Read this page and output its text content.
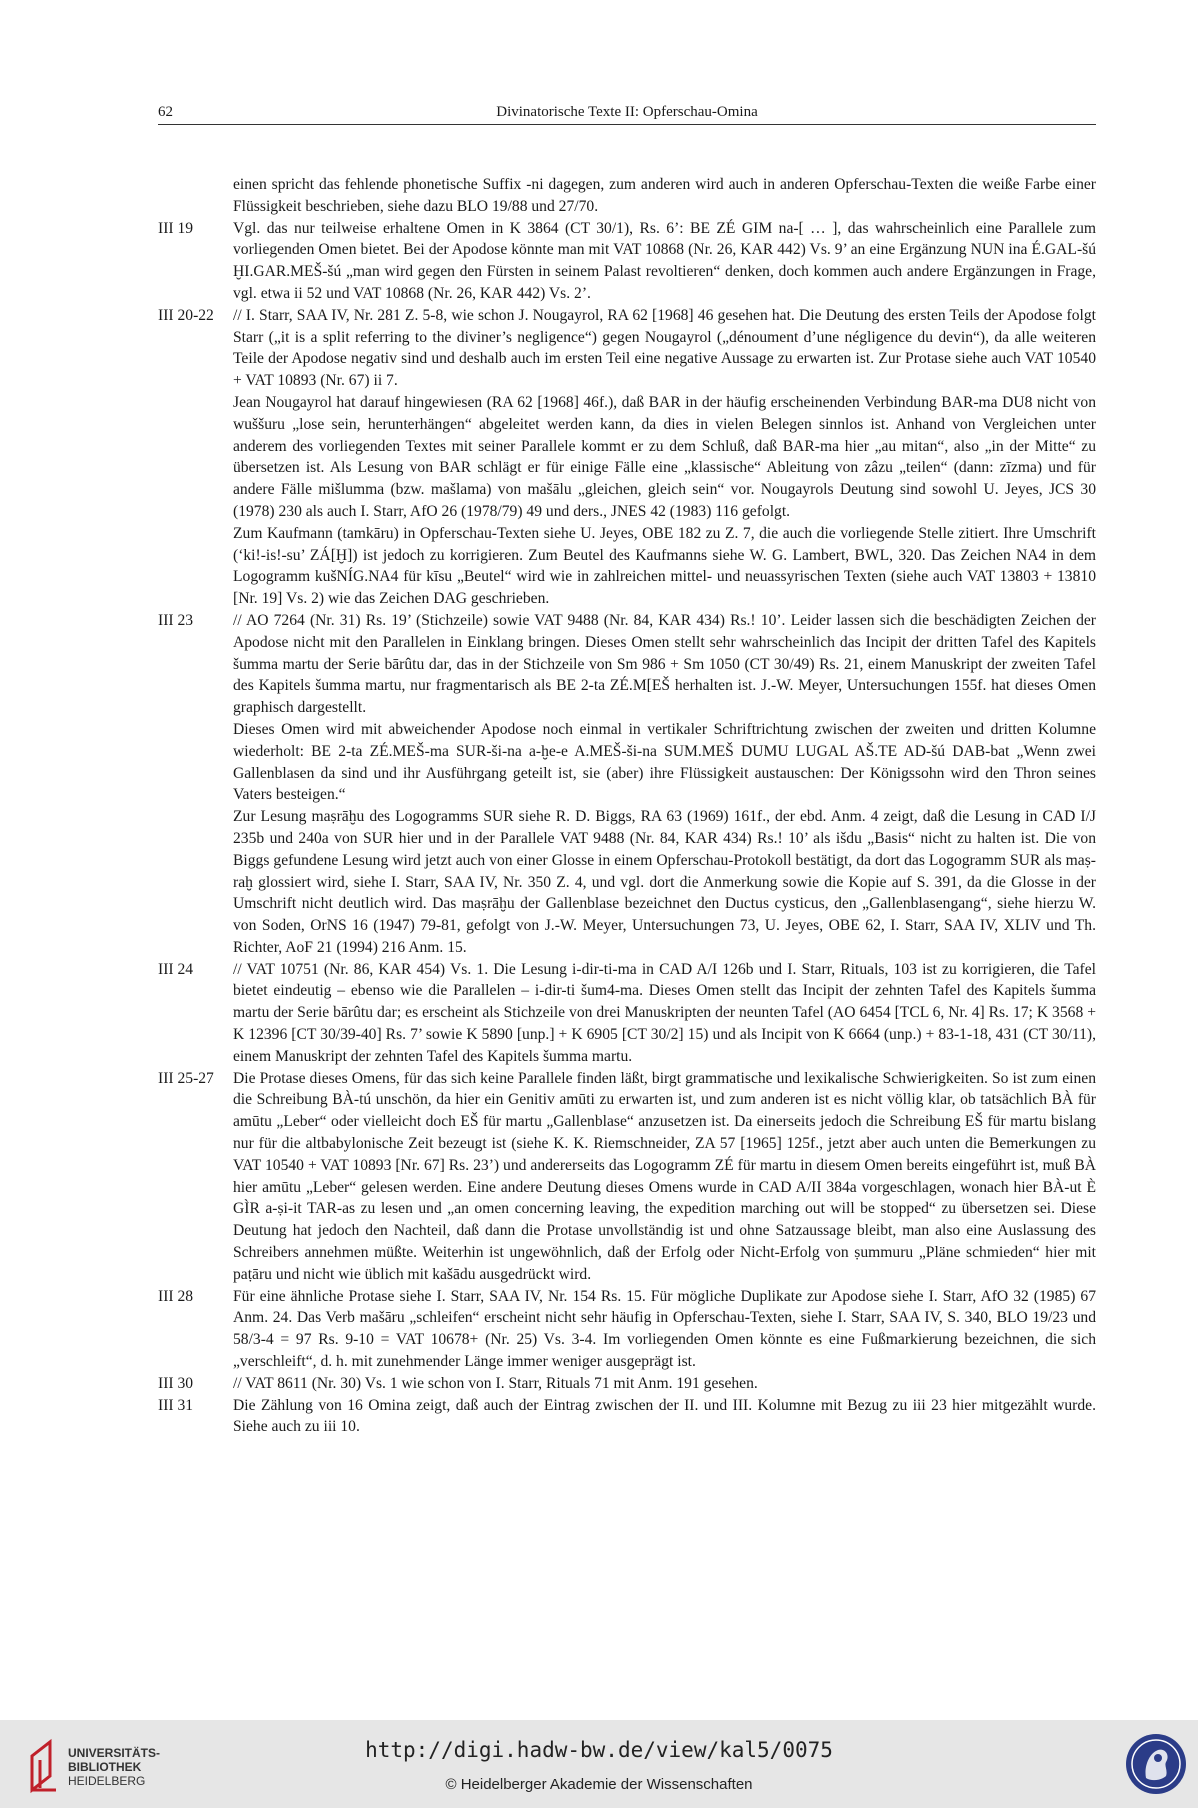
62	Divinatorische Texte II: Opferschau-Omina

einen spricht das fehlende phonetische Suffix -ni dagegen, zum anderen wird auch in anderen Opferschau-Texten die weiße Farbe einer Flüssigkeit beschrieben, siehe dazu BLO 19/88 und 27/70.

III 19	Vgl. das nur teilweise erhaltene Omen in K 3864 (CT 30/1), Rs. 6’: BE ZÉ GIM na-[ … ], das wahrscheinlich eine Parallele zum vorliegenden Omen bietet. Bei der Apodose könnte man mit VAT 10868 (Nr. 26, KAR 442) Vs. 9’ an eine Ergänzung NUN ina É.GAL-šú ḪI.GAR.MEŠ-šú „man wird gegen den Fürsten in seinem Palast revoltieren“ denken, doch kommen auch andere Ergänzungen in Frage, vgl. etwa ii 52 und VAT 10868 (Nr. 26, KAR 442) Vs. 2’.

III 20-22	// I. Starr, SAA IV, Nr. 281 Z. 5-8, wie schon J. Nougayrol, RA 62 [1968] 46 gesehen hat. Die Deutung des ersten Teils der Apodose folgt Starr („it is a split referring to the diviner’s negligence“) gegen Nougayrol („dénoument d’une négligence du devin“), da alle weiteren Teile der Apodose negativ sind und deshalb auch im ersten Teil eine negative Aussage zu erwarten ist. Zur Protase siehe auch VAT 10540 + VAT 10893 (Nr. 67) ii 7.

Jean Nougayrol hat darauf hingewiesen (RA 62 [1968] 46f.), daß BAR in der häufig erscheinenden Verbindung BAR-ma DU8 nicht von wuššuru „lose sein, herunterhängen“ abgeleitet werden kann, da dies in vielen Belegen sinnlos ist. Anhand von Vergleichen unter anderem des vorliegenden Textes mit seiner Parallele kommt er zu dem Schluß, daß BAR-ma hier „au mitan“, also „in der Mitte“ zu übersetzen ist. Als Lesung von BAR schlägt er für einige Fälle eine „klassische“ Ableitung von zâzu „teilen“ (dann: zīzma) und für andere Fälle mišlumma (bzw. mašlama) von mašālu „gleichen, gleich sein“ vor. Nougayrols Deutung sind sowohl U. Jeyes, JCS 30 (1978) 230 als auch I. Starr, AfO 26 (1978/79) 49 und ders., JNES 42 (1983) 116 gefolgt.

Zum Kaufmann (tamkāru) in Opferschau-Texten siehe U. Jeyes, OBE 182 zu Z. 7, die auch die vorliegende Stelle zitiert. Ihre Umschrift (‘ki!-is!-su’ ZÁ[Ḫ]) ist jedoch zu korrigieren. Zum Beutel des Kaufmanns siehe W. G. Lambert, BWL, 320. Das Zeichen NA4 in dem Logogramm kušNÍG.NA4 für kīsu „Beutel“ wird wie in zahlreichen mittel- und neuassyrischen Texten (siehe auch VAT 13803 + 13810 [Nr. 19] Vs. 2) wie das Zeichen DAG geschrieben.

III 23	// AO 7264 (Nr. 31) Rs. 19’ (Stichzeile) sowie VAT 9488 (Nr. 84, KAR 434) Rs.! 10’. Leider lassen sich die beschädigten Zeichen der Apodose nicht mit den Parallelen in Einklang bringen. Dieses Omen stellt sehr wahrscheinlich das Incipit der dritten Tafel des Kapitels šumma martu der Serie bārûtu dar, das in der Stichzeile von Sm 986 + Sm 1050 (CT 30/49) Rs. 21, einem Manuskript der zweiten Tafel des Kapitels šumma martu, nur fragmentarisch als BE 2-ta ZÉ.M[EŠ herhalten ist. J.-W. Meyer, Untersuchungen 155f. hat dieses Omen graphisch dargestellt.

Dieses Omen wird mit abweichender Apodose noch einmal in vertikaler Schriftrichtung zwischen der zweiten und dritten Kolumne wiederholt: BE 2-ta ZÉ.MEŠ-ma SUR-ši-na a-ḫe-e A.MEŠ-ši-na SUM.MEŠ DUMU LUGAL AŠ.TE AD-šú DAB-bat „Wenn zwei Gallenblasen da sind und ihr Ausführgang geteilt ist, sie (aber) ihre Flüssigkeit austauschen: Der Königssohn wird den Thron seines Vaters besteigen.“

Zur Lesung maṣrāḫu des Logogramms SUR siehe R. D. Biggs, RA 63 (1969) 161f., der ebd. Anm. 4 zeigt, daß die Lesung in CAD I/J 235b und 240a von SUR hier und in der Parallele VAT 9488 (Nr. 84, KAR 434) Rs.! 10’ als išdu „Basis“ nicht zu halten ist. Die von Biggs gefundene Lesung wird jetzt auch von einer Glosse in einem Opferschau-Protokoll bestätigt, da dort das Logogramm SUR als maṣ-raḫ glossiert wird, siehe I. Starr, SAA IV, Nr. 350 Z. 4, und vgl. dort die Anmerkung sowie die Kopie auf S. 391, da die Glosse in der Umschrift nicht deutlich wird. Das maṣrāḫu der Gallenblase bezeichnet den Ductus cysticus, den „Gallenblasengang“, siehe hierzu W. von Soden, OrNS 16 (1947) 79-81, gefolgt von J.-W. Meyer, Untersuchungen 73, U. Jeyes, OBE 62, I. Starr, SAA IV, XLIV und Th. Richter, AoF 21 (1994) 216 Anm. 15.

III 24	// VAT 10751 (Nr. 86, KAR 454) Vs. 1. Die Lesung i-dir-ti-ma in CAD A/I 126b und I. Starr, Rituals, 103 ist zu korrigieren, die Tafel bietet eindeutig – ebenso wie die Parallelen – i-dir-ti šum4-ma. Dieses Omen stellt das Incipit der zehnten Tafel des Kapitels šumma martu der Serie bārûtu dar; es erscheint als Stichzeile von drei Manuskripten der neunten Tafel (AO 6454 [TCL 6, Nr. 4] Rs. 17; K 3568 + K 12396 [CT 30/39-40] Rs. 7’ sowie K 5890 [unp.] + K 6905 [CT 30/2] 15) und als Incipit von K 6664 (unp.) + 83-1-18, 431 (CT 30/11), einem Manuskript der zehnten Tafel des Kapitels šumma martu.

III 25-27	Die Protase dieses Omens, für das sich keine Parallele finden läßt, birgt grammatische und lexikalische Schwierigkeiten. So ist zum einen die Schreibung BÀ-tú unschön, da hier ein Genitiv amūti zu erwarten ist, und zum anderen ist es nicht völlig klar, ob tatsächlich BÀ für amūtu „Leber“ oder vielleicht doch EŠ für martu „Gallenblase“ anzusetzen ist. Da einerseits jedoch die Schreibung EŠ für martu bislang nur für die altbabylonische Zeit bezeugt ist (siehe K. K. Riemschneider, ZA 57 [1965] 125f., jetzt aber auch unten die Bemerkungen zu VAT 10540 + VAT 10893 [Nr. 67] Rs. 23’) und andererseits das Logogramm ZÉ für martu in diesem Omen bereits eingeführt ist, muß BÀ hier amūtu „Leber“ gelesen werden. Eine andere Deutung dieses Omens wurde in CAD A/II 384a vorgeschlagen, wonach hier BÀ-ut È GÌR a-ṣi-it TAR-as zu lesen und „an omen concerning leaving, the expedition marching out will be stopped“ zu übersetzen sei. Diese Deutung hat jedoch den Nachteil, daß dann die Protase unvollständig ist und ohne Satzaussage bleibt, man also eine Auslassung des Schreibers annehmen müßte. Weiterhin ist ungewöhnlich, daß der Erfolg oder Nicht-Erfolg von ṣummuru „Pläne schmieden“ hier mit paṭāru und nicht wie üblich mit kašādu ausgedrückt wird.

III 28	Für eine ähnliche Protase siehe I. Starr, SAA IV, Nr. 154 Rs. 15. Für mögliche Duplikate zur Apodose siehe I. Starr, AfO 32 (1985) 67 Anm. 24. Das Verb mašāru „schleifen“ erscheint nicht sehr häufig in Opferschau-Texten, siehe I. Starr, SAA IV, S. 340, BLO 19/23 und 58/3-4 = 97 Rs. 9-10 = VAT 10678+ (Nr. 25) Vs. 3-4. Im vorliegenden Omen könnte es eine Fußmarkierung bezeichnen, die sich „verschleift“, d. h. mit zunehmender Länge immer weniger ausgeprägt ist.

III 30	// VAT 8611 (Nr. 30) Vs. 1 wie schon von I. Starr, Rituals 71 mit Anm. 191 gesehen.

III 31	Die Zählung von 16 Omina zeigt, daß auch der Eintrag zwischen der II. und III. Kolumne mit Bezug zu iii 23 hier mitgezählt wurde. Siehe auch zu iii 10.

UNIVERSITÄTS-
BIBLIOTHEK
HEIDELBERG
http://digi.hadw-bw.de/view/kal5/0075
© Heidelberger Akademie der Wissenschaften
